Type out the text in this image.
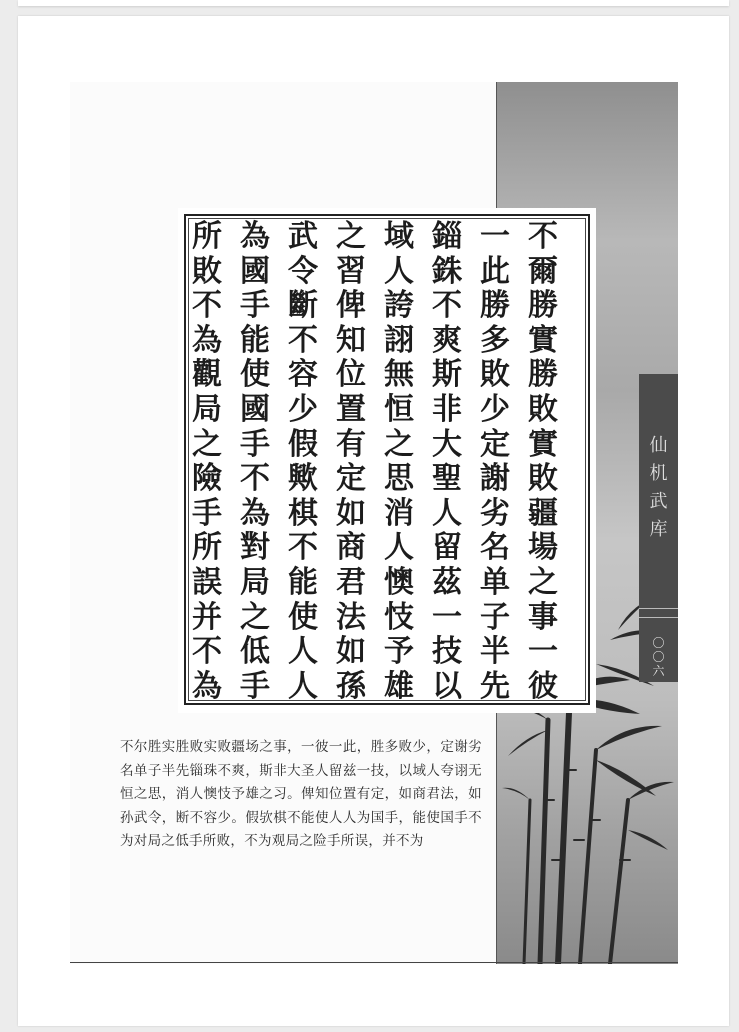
仙
机
武
库
〇
〇
六
不
爾
勝
實
勝
敗
實
敗
疆
場
之
事
一
彼
一
此
勝
多
敗
少
定
謝
劣
名
单
子
半
先
錙
銖
不
爽
斯
非
大
聖
人
留
茲
一
技
以
域
人
誇
詡
無
恒
之
思
消
人
懊
忮
予
雄
之
習
俾
知
位
置
有
定
如
商
君
法
如
孫
武
令
斷
不
容
少
假
歟
棋
不
能
使
人
人
為
國
手
能
使
國
手
不
為
對
局
之
低
手
所
敗
不
為
觀
局
之
險
手
所
誤
并
不
為
不尔胜实胜败实败疆场之事，一彼一此，胜多败少，定谢劣名单子半先锱珠不爽，斯非大圣人留兹一技，以域人夸诩无恒之思，消人懊忮予雄之习。俾知位置有定，如商君法，如孙武令，断不容少。假欤棋不能使人人为国手，能使国手不为对局之低手所败，不为观局之险手所误，并不为
